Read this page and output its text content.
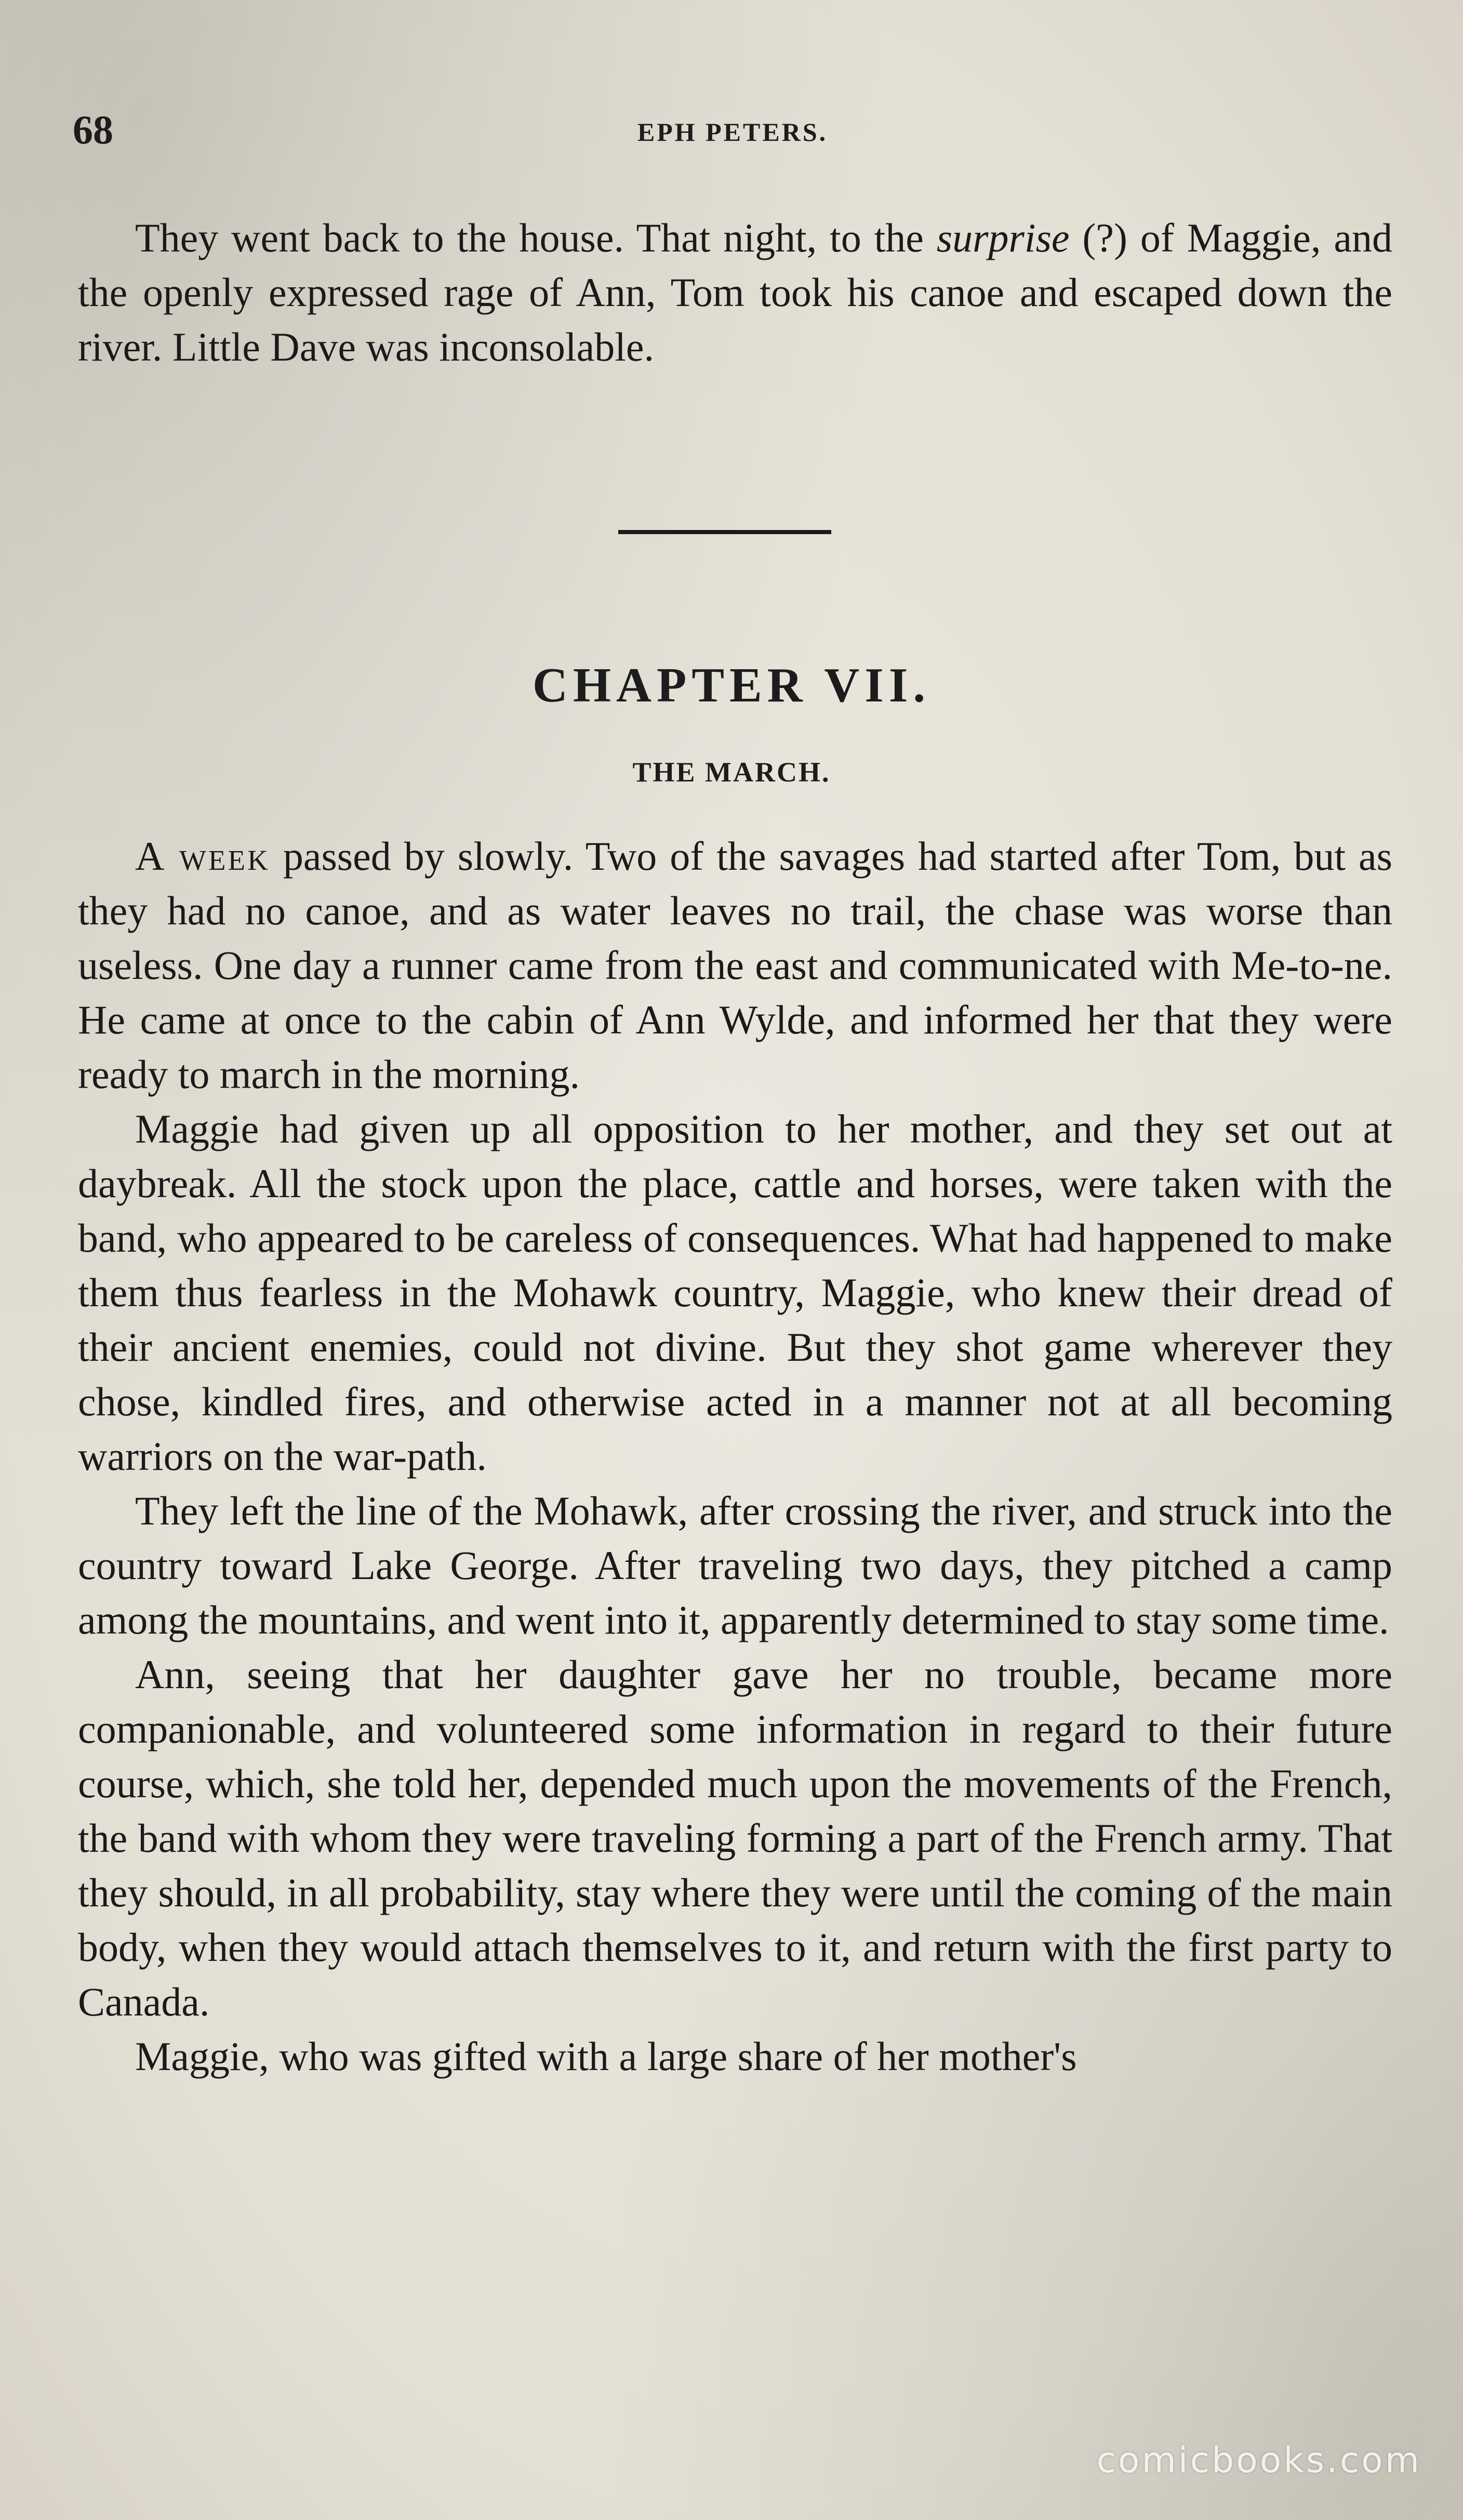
68	EPH PETERS.

They went back to the house. That night, to the surprise (?) of Maggie, and the openly expressed rage of Ann, Tom took his canoe and escaped down the river. Little Dave was inconsolable.

CHAPTER VII.
THE MARCH.

A week passed by slowly. Two of the savages had started after Tom, but as they had no canoe, and as water leaves no trail, the chase was worse than useless. One day a runner came from the east and communicated with Me-to-ne. He came at once to the cabin of Ann Wylde, and informed her that they were ready to march in the morning.

Maggie had given up all opposition to her mother, and they set out at daybreak. All the stock upon the place, cattle and horses, were taken with the band, who appeared to be careless of consequences. What had happened to make them thus fearless in the Mohawk country, Maggie, who knew their dread of their ancient enemies, could not divine. But they shot game wherever they chose, kindled fires, and otherwise acted in a manner not at all becoming warriors on the war-path.

They left the line of the Mohawk, after crossing the river, and struck into the country toward Lake George. After traveling two days, they pitched a camp among the mountains, and went into it, apparently determined to stay some time.

Ann, seeing that her daughter gave her no trouble, became more companionable, and volunteered some information in regard to their future course, which, she told her, depended much upon the movements of the French, the band with whom they were traveling forming a part of the French army. That they should, in all probability, stay where they were until the coming of the main body, when they would attach themselves to it, and return with the first party to Canada.

Maggie, who was gifted with a large share of her mother's

comicbooks.com
